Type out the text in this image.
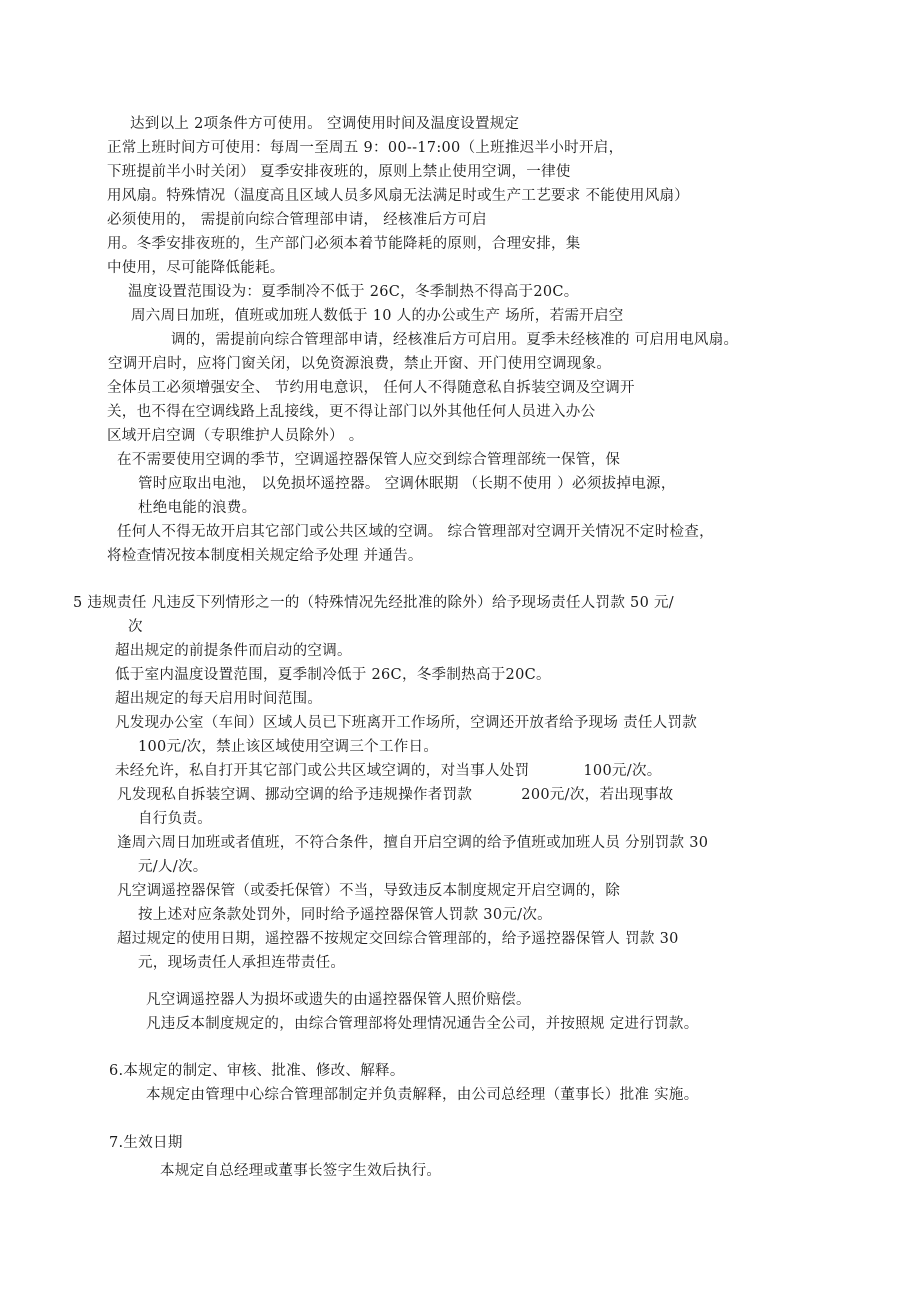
达到以上 2项条件方可使用。 空调使用时间及温度设置规定
正常上班时间方可使用：每周一至周五 9：00--17:00（上班推迟半小时开启，
下班提前半小时关闭） 夏季安排夜班的，原则上禁止使用空调，一律使
用风扇。特殊情况（温度高且区域人员多风扇无法满足时或生产工艺要求 不能使用风扇）
必须使用的， 需提前向综合管理部申请， 经核准后方可启
用。冬季安排夜班的，生产部门必须本着节能降耗的原则，合理安排，集
中使用，尽可能降低能耗。
温度设置范围设为：夏季制冷不低于 26C，冬季制热不得高于20C。
周六周日加班，值班或加班人数低于 10 人的办公或生产 场所，若需开启空
调的，需提前向综合管理部申请，经核准后方可启用。夏季未经核准的 可启用电风扇。
空调开启时，应将门窗关闭，以免资源浪费，禁止开窗、开门使用空调现象。
全体员工必须增强安全、 节约用电意识， 任何人不得随意私自拆装空调及空调开
关，也不得在空调线路上乱接线，更不得让部门以外其他任何人员进入办公
区域开启空调（专职维护人员除外） 。
在不需要使用空调的季节，空调遥控器保管人应交到综合管理部统一保管，保
管时应取出电池， 以免损坏遥控器。 空调休眠期 （长期不使用 ）必须拔掉电源，
杜绝电能的浪费。
任何人不得无故开启其它部门或公共区域的空调。 综合管理部对空调开关情况不定时检查，
将检查情况按本制度相关规定给予处理 并通告。
5 违规责任 凡违反下列情形之一的（特殊情况先经批准的除外）给予现场责任人罚款 50 元/
次
超出规定的前提条件而启动的空调。
低于室内温度设置范围，夏季制冷低于 26C，冬季制热高于20C。
超出规定的每天启用时间范围。
凡发现办公室（车间）区域人员已下班离开工作场所，空调还开放者给予现场 责任人罚款
100元/次，禁止该区域使用空调三个工作日。
未经允许，私自打开其它部门或公共区域空调的，对当事人处罚           100元/次。
凡发现私自拆装空调、挪动空调的给予违规操作者罚款          200元/次，若出现事故
自行负责。
逢周六周日加班或者值班，不符合条件，擅自开启空调的给予值班或加班人员 分别罚款 30
元/人/次。
凡空调遥控器保管（或委托保管）不当，导致违反本制度规定开启空调的，除
按上述对应条款处罚外，同时给予遥控器保管人罚款 30元/次。
超过规定的使用日期，遥控器不按规定交回综合管理部的，给予遥控器保管人 罚款 30
元，现场责任人承担连带责任。
凡空调遥控器人为损坏或遗失的由遥控器保管人照价赔偿。
凡违反本制度规定的，由综合管理部将处理情况通告全公司，并按照规 定进行罚款。
6.本规定的制定、审核、批准、修改、解释。
本规定由管理中心综合管理部制定并负责解释，由公司总经理（董事长）批准 实施。
7.生效日期
本规定自总经理或董事长签字生效后执行。
